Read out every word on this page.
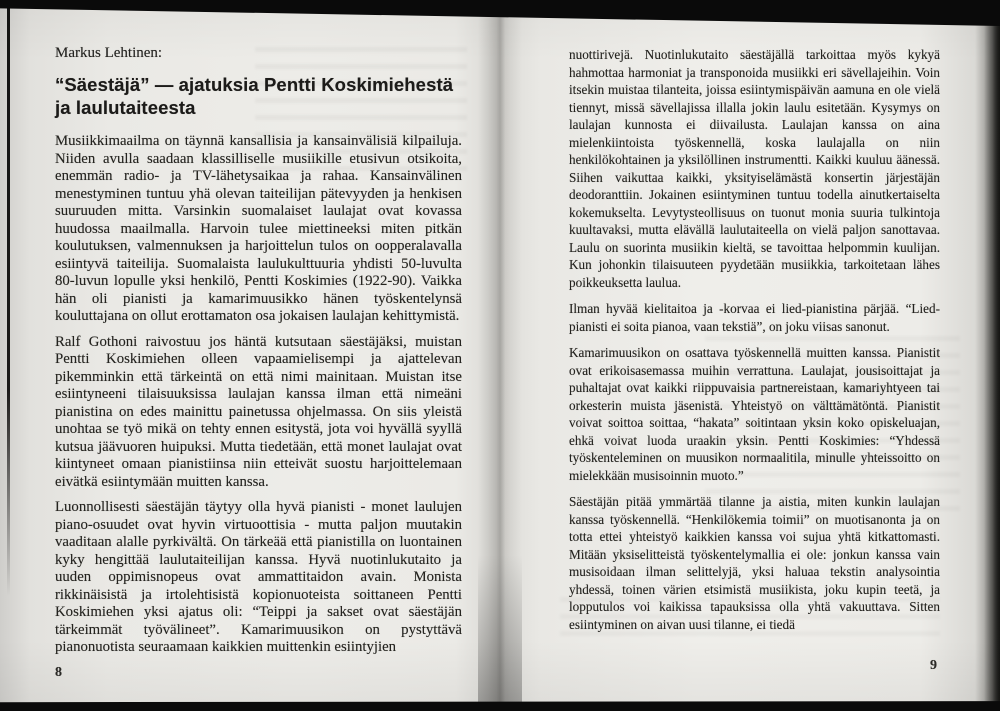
Markus Lehtinen:
“Säestäjä” — ajatuksia Pentti Koskimiehestä
ja laulutaiteesta

Musiikkimaailma on täynnä kansallisia ja kansainvälisiä kilpailuja. Niiden avulla saadaan klassilliselle musiikille etusivun otsikoita, enemmän radio- ja TV-lähetysaikaa ja rahaa. Kansainvälinen menestyminen tuntuu yhä olevan taiteilijan pätevyyden ja henkisen suuruuden mitta. Varsinkin suomalaiset laulajat ovat kovassa huudossa maailmalla. Harvoin tulee miettineeksi miten pitkän koulutuksen, valmennuksen ja harjoittelun tulos on oopperalavalla esiintyvä taiteilija. Suomalaista laulukulttuuria yhdisti 50-luvulta 80-luvun lopulle yksi henkilö, Pentti Koskimies (1922-90). Vaikka hän oli pianisti ja kamarimuusikko hänen työskentelynsä kouluttajana on ollut erottamaton osa jokaisen laulajan kehittymistä.

Ralf Gothoni raivostuu jos häntä kutsutaan säestäjäksi, muistan Pentti Koskimiehen olleen vapaamielisempi ja ajattelevan pikemminkin että tärkeintä on että nimi mainitaan. Muistan itse esiintyneeni tilaisuuksissa laulajan kanssa ilman että nimeäni pianistina on edes mainittu painetussa ohjelmassa. On siis yleistä unohtaa se työ mikä on tehty ennen esitystä, jota voi hyvällä syyllä kutsua jäävuoren huipuksi. Mutta tiedetään, että monet laulajat ovat kiintyneet omaan pianistiinsa niin etteivät suostu harjoittelemaan eivätkä esiintymään muitten kanssa.

Luonnollisesti säestäjän täytyy olla hyvä pianisti - monet laulujen piano-osuudet ovat hyvin virtuoottisia - mutta paljon muutakin vaaditaan alalle pyrkivältä. On tärkeää että pianistilla on luontainen kyky hengittää laulutaiteilijan kanssa. Hyvä nuotinlukutaito ja uuden oppimisnopeus ovat ammattitaidon avain. Monista rikkinäisistä ja irtolehtisistä kopionuoteista soittaneen Pentti Koskimiehen yksi ajatus oli: “Teippi ja sakset ovat säestäjän tärkeimmät työvälineet”. Kamarimuusikon on pystyttävä pianonuotista seuraamaan kaikkien muittenkin esiintyjien

nuottirivejä. Nuotinlukutaito säestäjällä tarkoittaa myös kykyä hahmottaa harmoniat ja transponoida musiikki eri sävellajeihin. Voin itsekin muistaa tilanteita, joissa esiintymispäivän aamuna en ole vielä tiennyt, missä sävellajissa illalla jokin laulu esitetään. Kysymys on laulajan kunnosta ei diivailusta. Laulajan kanssa on aina mielenkiintoista työskennellä, koska laulajalla on niin henkilökohtainen ja yksilöllinen instrumentti. Kaikki kuuluu äänessä. Siihen vaikuttaa kaikki, yksityiselämästä konsertin järjestäjän deodoranttiin. Jokainen esiintyminen tuntuu todella ainutkertaiselta kokemukselta. Levytysteollisuus on tuonut monia suuria tulkintoja kuultavaksi, mutta elävällä laulutaiteella on vielä paljon sanottavaa. Laulu on suorinta musiikin kieltä, se tavoittaa helpommin kuulijan. Kun johonkin tilaisuuteen pyydetään musiikkia, tarkoitetaan lähes poikkeuksetta laulua.

Ilman hyvää kielitaitoa ja -korvaa ei lied-pianistina pärjää. “Lied-pianisti ei soita pianoa, vaan tekstiä”, on joku viisas sanonut.

Kamarimuusikon on osattava työskennellä muitten kanssa. Pianistit ovat erikoisasemassa muihin verrattuna. Laulajat, jousisoittajat ja puhaltajat ovat kaikki riippuvaisia partnereistaan, kamariyhtyeen tai orkesterin muista jäsenistä. Yhteistyö on välttämätöntä. Pianistit voivat soittoa soittaa, “hakata” soitintaan yksin koko opiskeluajan, ehkä voivat luoda uraakin yksin. Pentti Koskimies: “Yhdessä työskenteleminen on muusikon normaalitila, minulle yhteissoitto on mielekkään musisoinnin muoto.”

Säestäjän pitää ymmärtää tilanne ja aistia, miten kunkin laulajan kanssa työskennellä. “Henkilökemia toimii” on muotisanonta ja on totta ettei yhteistyö kaikkien kanssa voi sujua yhtä kitkattomasti. Mitään yksiselitteistä työskentelymallia ei ole: jonkun kanssa vain musisoidaan ilman selittelyjä, yksi haluaa tekstin analysointia yhdessä, toinen värien etsimistä musiikista, joku kupin teetä, ja lopputulos voi kaikissa tapauksissa olla yhtä vakuuttava. Sitten esiintyminen on aivan uusi tilanne, ei tiedä

8	9
